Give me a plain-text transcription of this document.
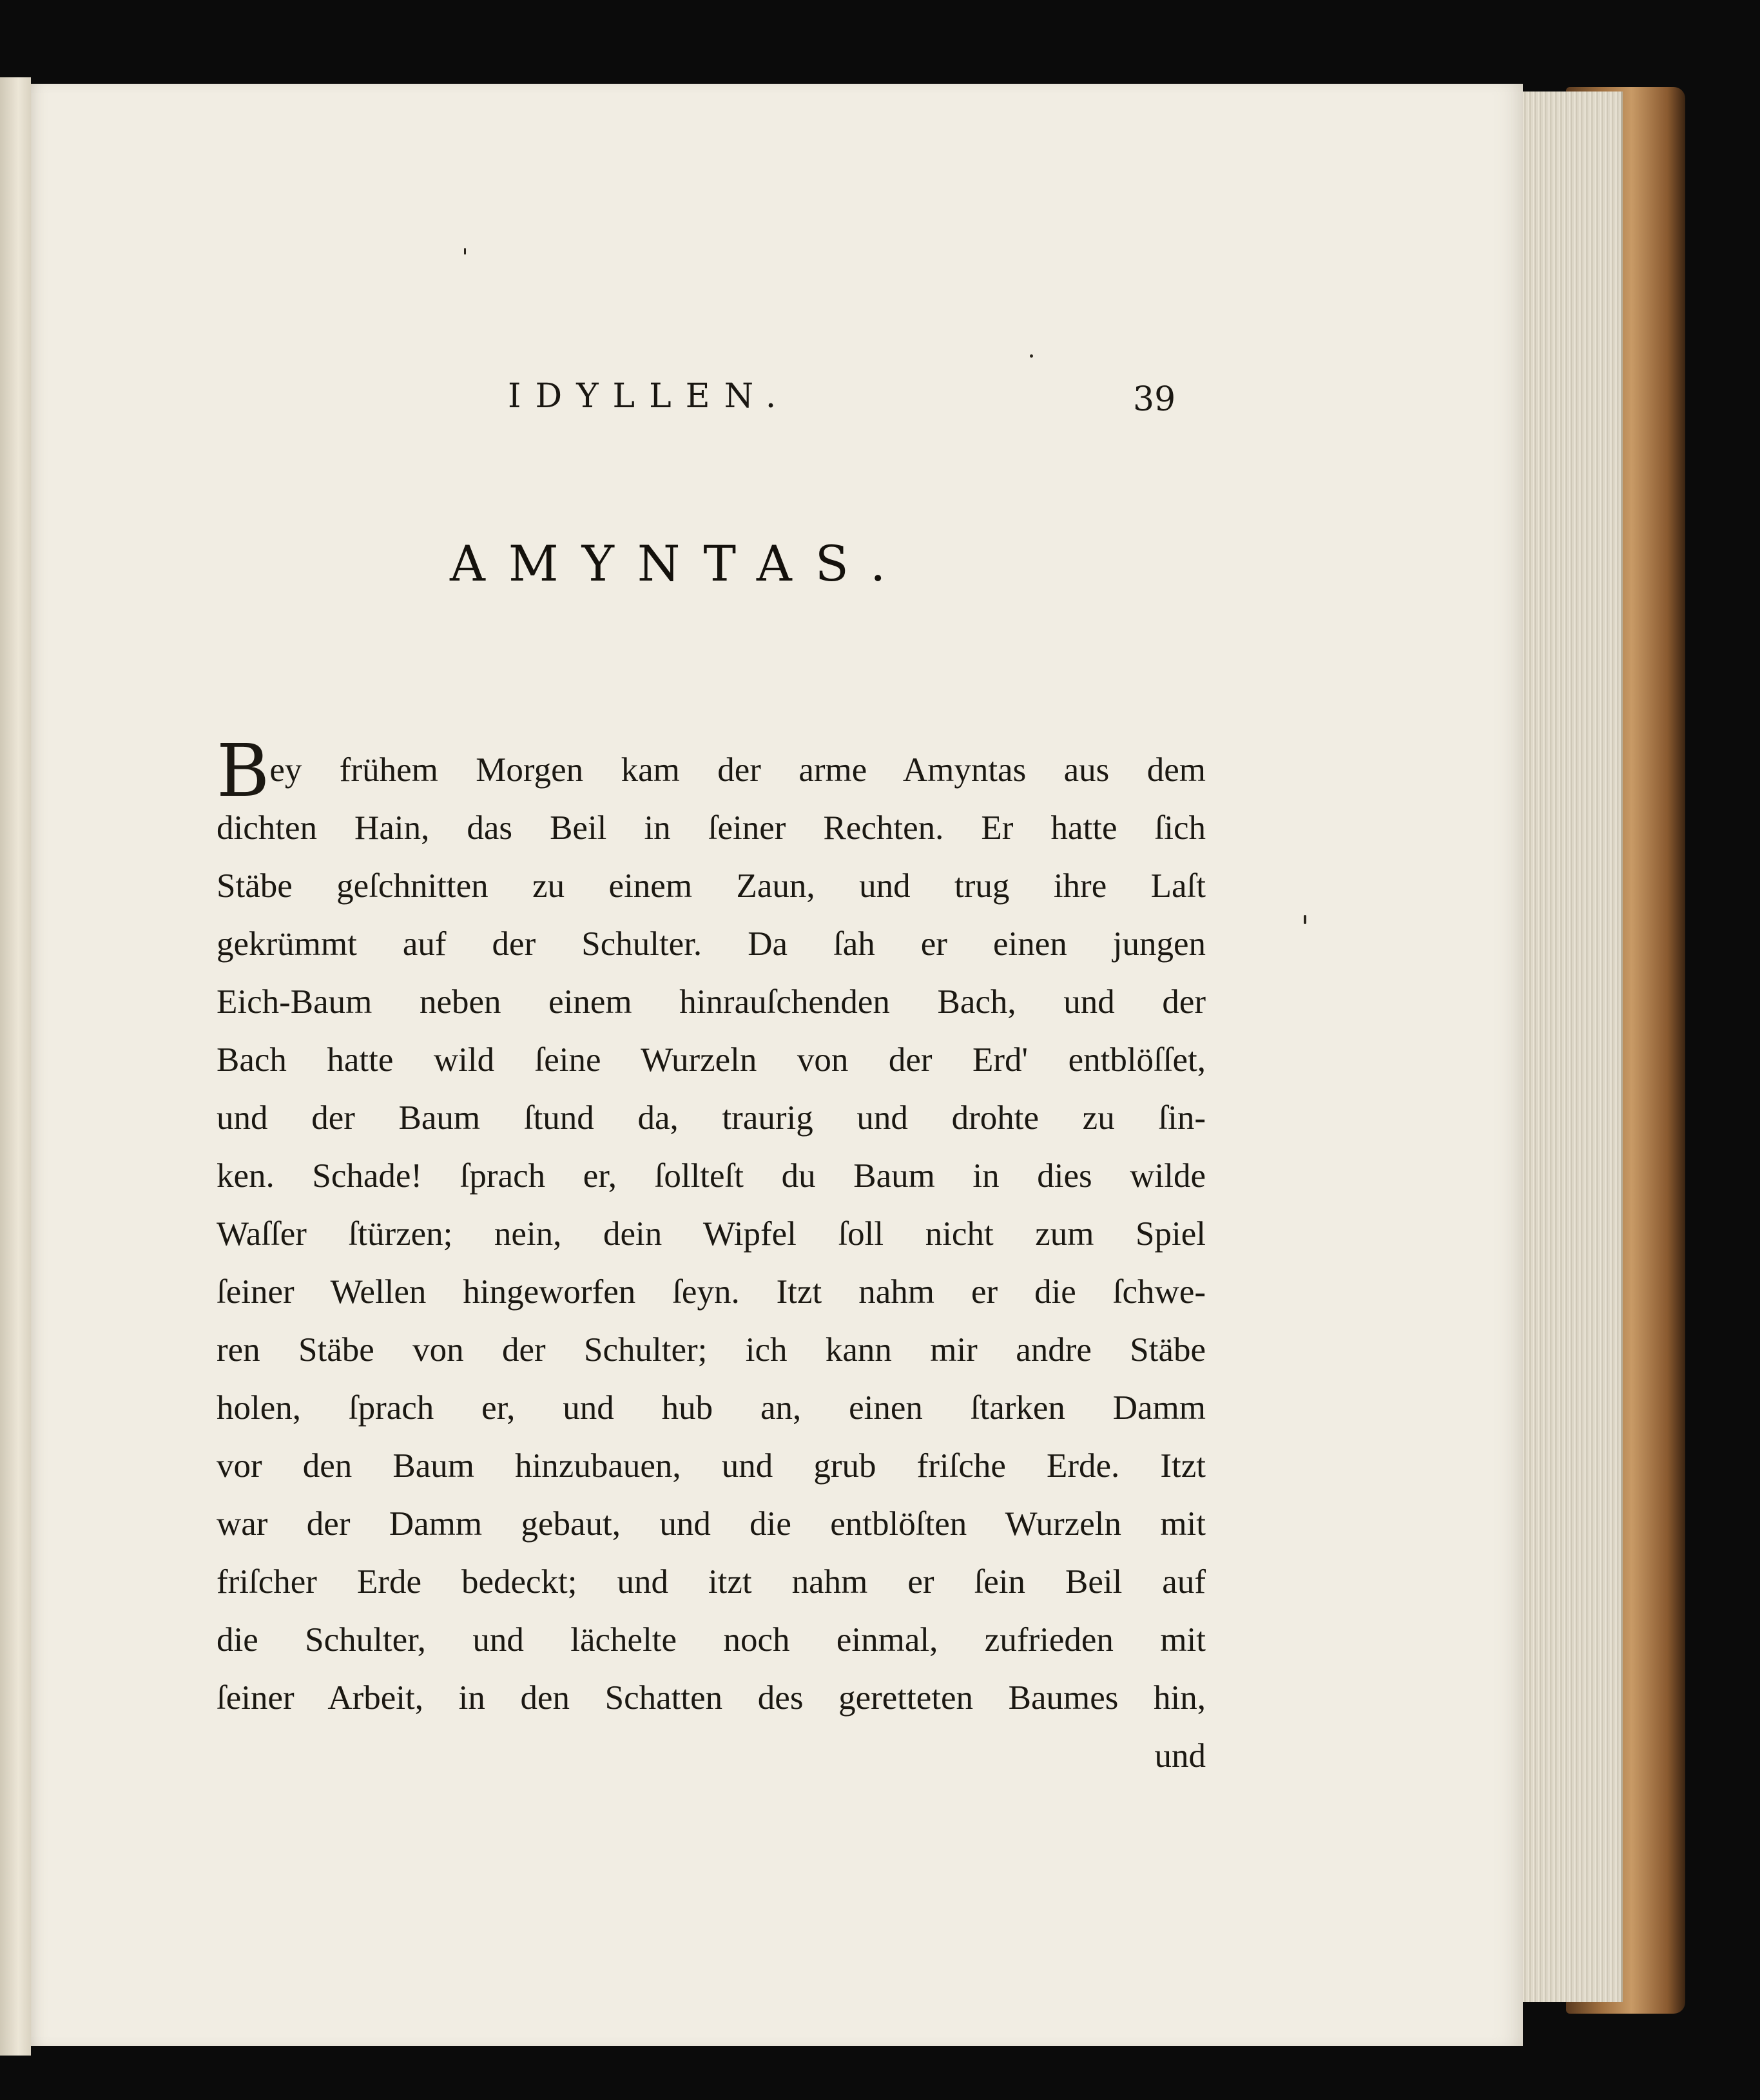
IDYLLEN.	39
AMYNTAS.
Bey frühem Morgen kam der arme Amyntas aus dem
dichten Hain, das Beil in ſeiner Rechten. Er hatte ſich
Stäbe geſchnitten zu einem Zaun, und trug ihre Laſt
gekrümmt auf der Schulter. Da ſah er einen jungen
Eich-Baum neben einem hinrauſchenden Bach, und der
Bach hatte wild ſeine Wurzeln von der Erd' entblöſſet,
und der Baum ſtund da, traurig und drohte zu ſin-
ken. Schade! ſprach er, ſollteſt du Baum in dies wilde
Waſſer ſtürzen; nein, dein Wipfel ſoll nicht zum Spiel
ſeiner Wellen hingeworfen ſeyn. Itzt nahm er die ſchwe-
ren Stäbe von der Schulter; ich kann mir andre Stäbe
holen, ſprach er, und hub an, einen ſtarken Damm
vor den Baum hinzubauen, und grub friſche Erde. Itzt
war der Damm gebaut, und die entblöſten Wurzeln mit
friſcher Erde bedeckt; und itzt nahm er ſein Beil auf
die Schulter, und lächelte noch einmal, zufrieden mit
ſeiner Arbeit, in den Schatten des geretteten Baumes hin,
und
